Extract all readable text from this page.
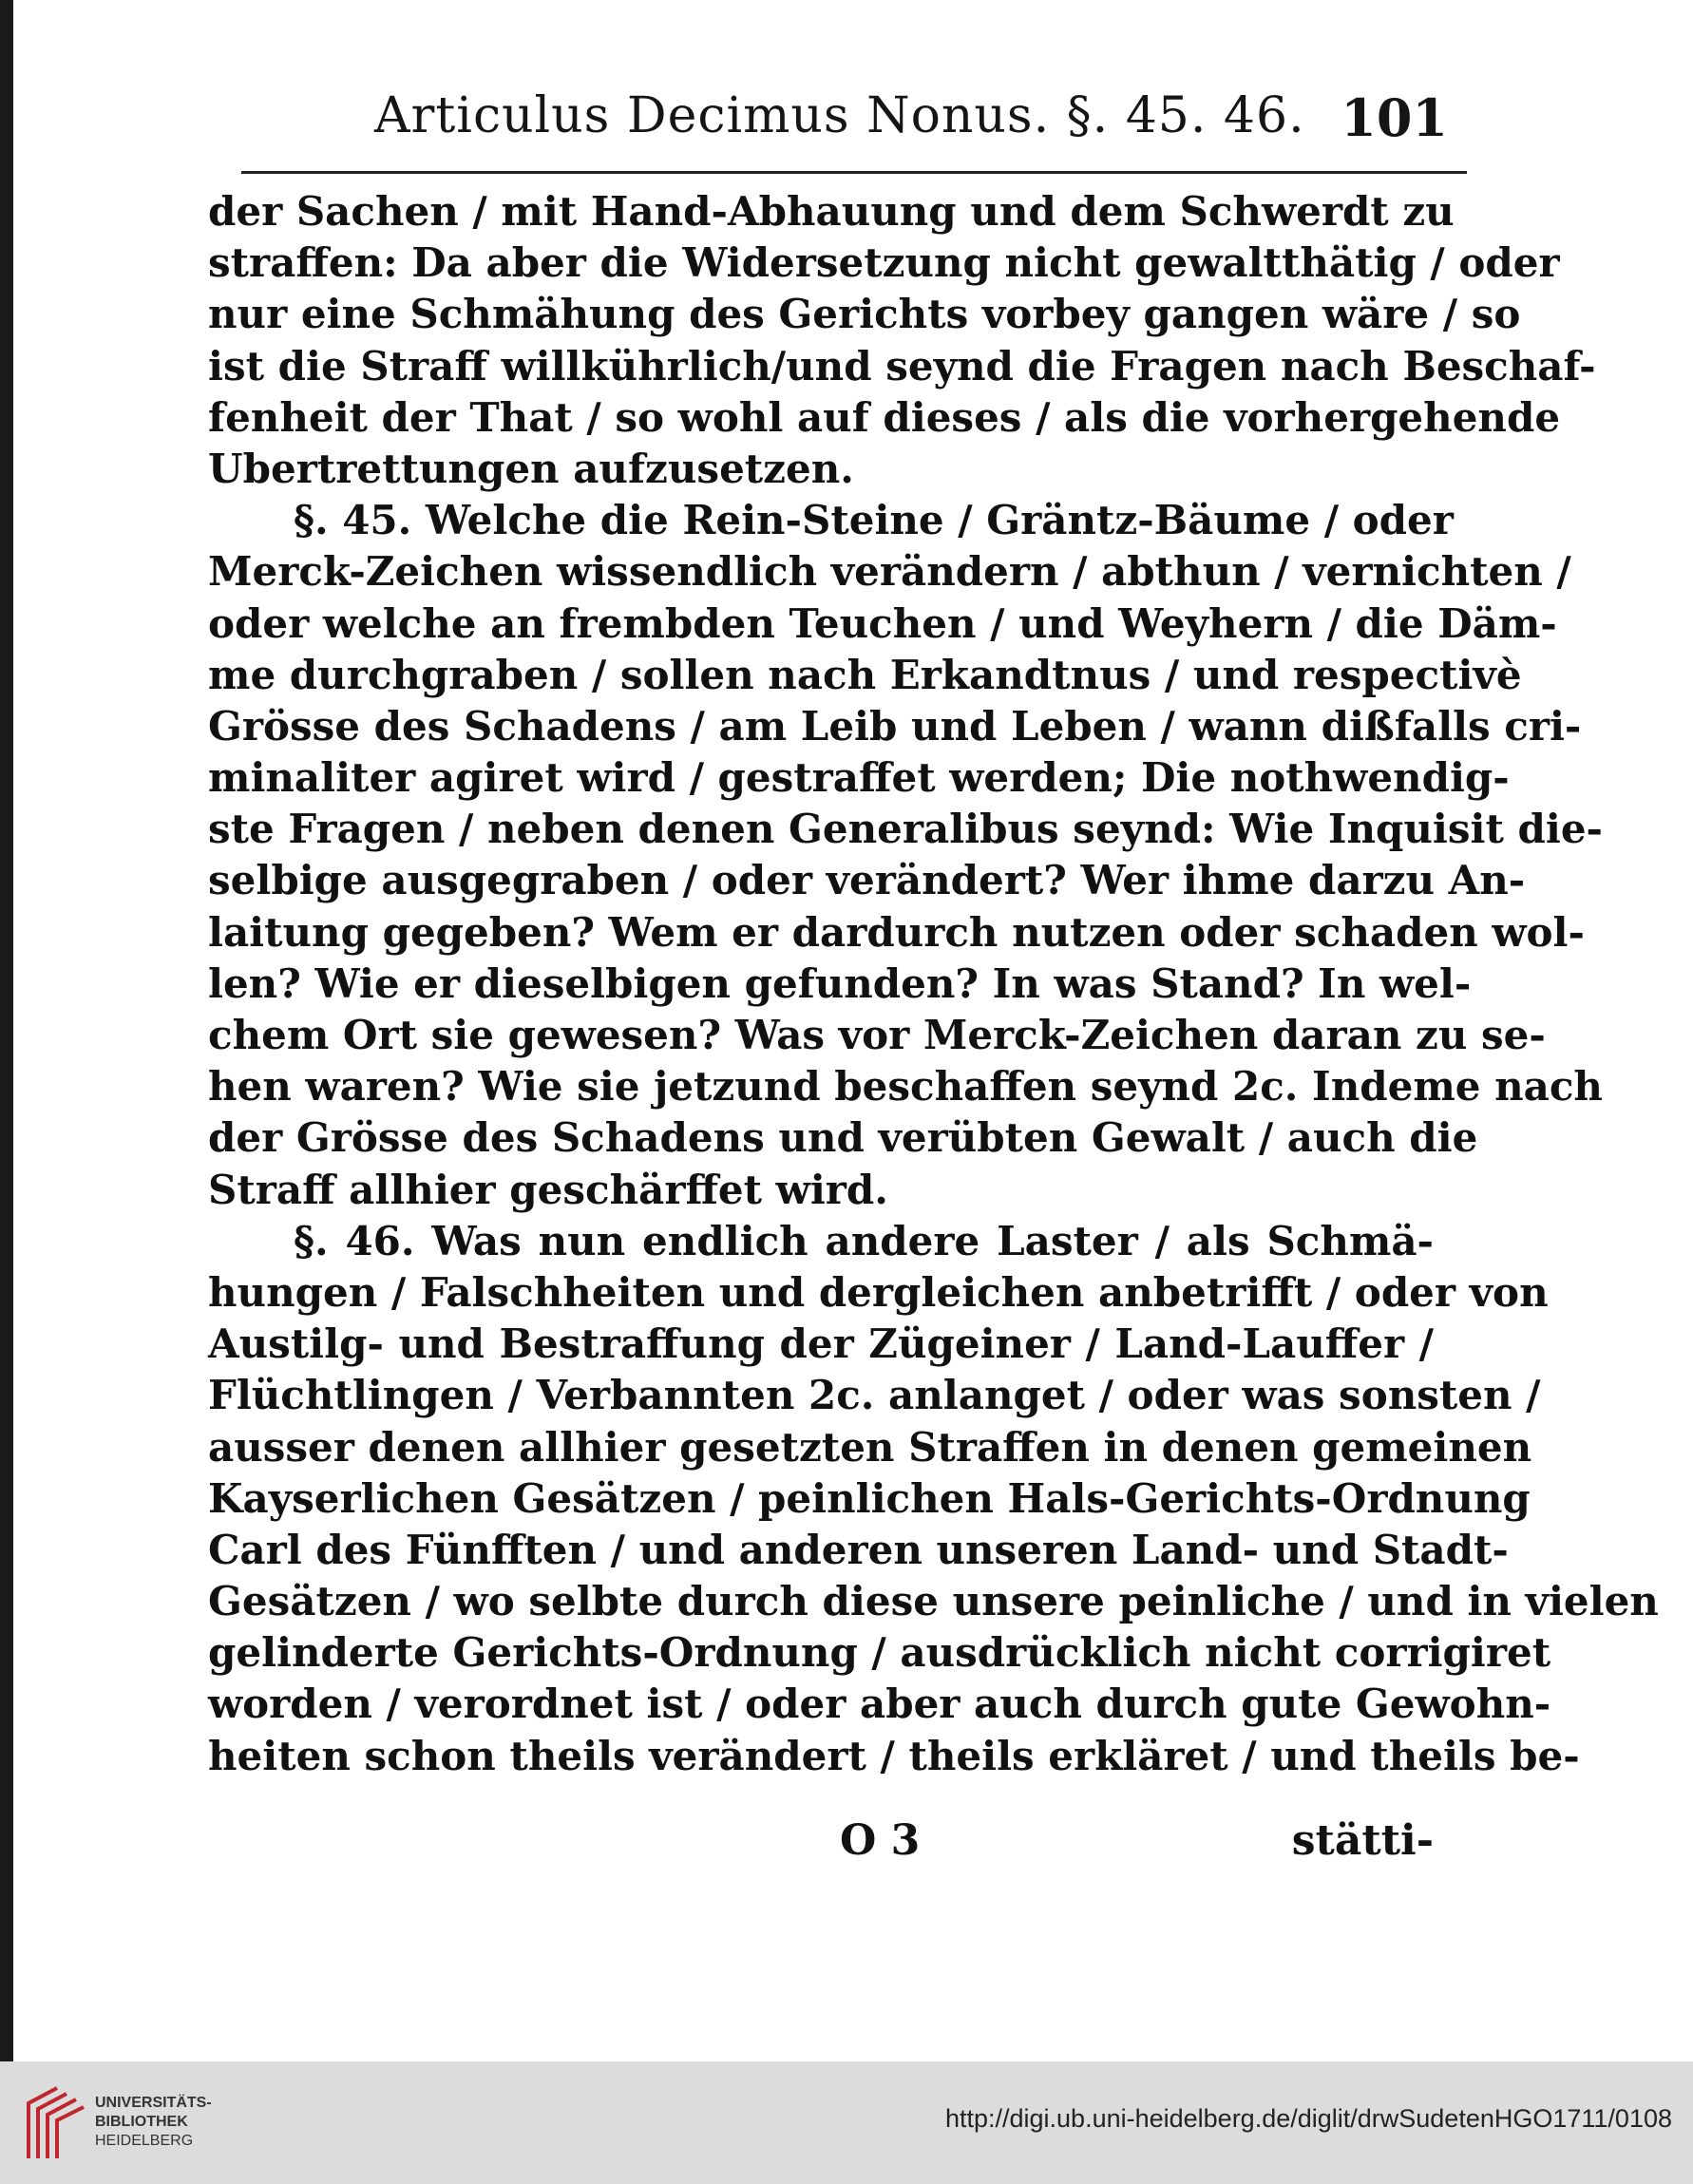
Articulus Decimus Nonus. §. 45. 46. 101
der Sachen / mit Hand-Abhauung und dem Schwerdt zu
straffen: Da aber die Widersetzung nicht gewaltthätig / oder
nur eine Schmähung des Gerichts vorbey gangen wäre / so
ist die Straff willkührlich/und seynd die Fragen nach Beschaf-
fenheit der That / so wohl auf dieses / als die vorhergehende
Ubertrettungen aufzusetzen.
§. 45. Welche die Rein-Steine / Gräntz-Bäume / oder
Merck-Zeichen wissendlich verändern / abthun / vernichten /
oder welche an frembden Teuchen / und Weyhern / die Däm-
me durchgraben / sollen nach Erkandtnus / und respectivè
Grösse des Schadens / am Leib und Leben / wann dißfalls cri-
minaliter agiret wird / gestraffet werden; Die nothwendig-
ste Fragen / neben denen Generalibus seynd: Wie Inquisit die-
selbige ausgegraben / oder verändert? Wer ihme darzu An-
laitung gegeben? Wem er dardurch nutzen oder schaden wol-
len? Wie er dieselbigen gefunden? In was Stand? In wel-
chem Ort sie gewesen? Was vor Merck-Zeichen daran zu se-
hen waren? Wie sie jetzund beschaffen seynd 2c. Indeme nach
der Grösse des Schadens und verübten Gewalt / auch die
Straff allhier geschärffet wird.
§. 46. Was nun endlich andere Laster / als Schmä-
hungen / Falschheiten und dergleichen anbetrifft / oder von
Austilg- und Bestraffung der Zügeiner / Land-Lauffer /
Flüchtlingen / Verbannten 2c. anlanget / oder was sonsten /
ausser denen allhier gesetzten Straffen in denen gemeinen
Kayserlichen Gesätzen / peinlichen Hals-Gerichts-Ordnung
Carl des Fünfften / und anderen unseren Land- und Stadt-
Gesätzen / wo selbte durch diese unsere peinliche / und in vielen
gelinderte Gerichts-Ordnung / ausdrücklich nicht corrigiret
worden / verordnet ist / oder aber auch durch gute Gewohn-
heiten schon theils verändert / theils erkläret / und theils be-
O 3	stätti-
UNIVERSITÄTS-
BIBLIOTHEK
HEIDELBERG
http://digi.ub.uni-heidelberg.de/diglit/drwSudetenHGO1711/0108
